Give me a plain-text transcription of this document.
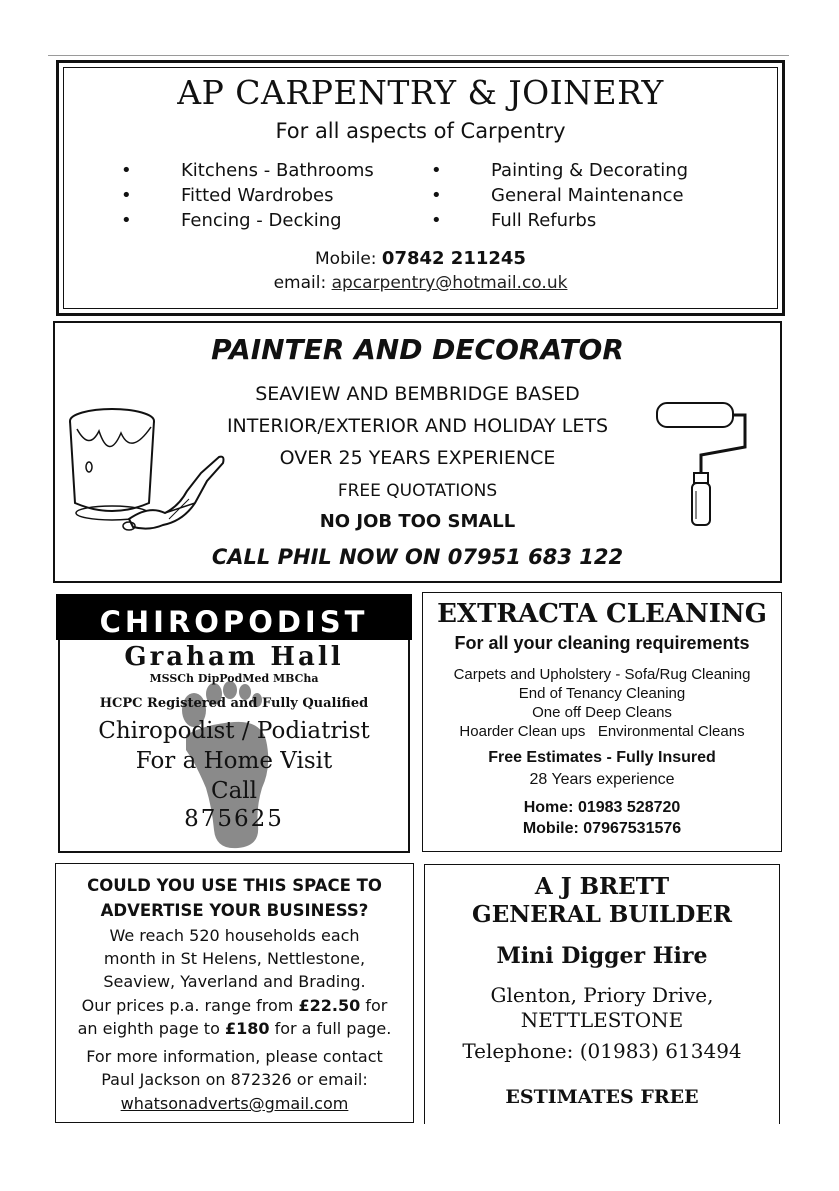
AP CARPENTRY & JOINERY
For all aspects of Carpentry
•	Kitchens - Bathrooms
•	Fitted Wardrobes
•	Fencing - Decking
•	Painting & Decorating
•	General Maintenance
•	Full Refurbs
Mobile: 07842 211245
email: apcarpentry@hotmail.co.uk
PAINTER AND DECORATOR
SEAVIEW AND BEMBRIDGE BASED
INTERIOR/EXTERIOR AND HOLIDAY LETS
OVER 25 YEARS EXPERIENCE
FREE QUOTATIONS
NO JOB TOO SMALL
CALL PHIL NOW ON 07951 683 122
CHIROPODIST
Graham Hall
MSSCh DipPodMed MBCha
HCPC Registered and Fully Qualified
Chiropodist / Podiatrist
For a Home Visit
Call
875625
EXTRACTA CLEANING
For all your cleaning requirements
Carpets and Upholstery - Sofa/Rug Cleaning
End of Tenancy Cleaning
One off Deep Cleans
Hoarder Clean ups   Environmental Cleans
Free Estimates - Fully Insured
28 Years experience
Home: 01983 528720
Mobile: 07967531576
COULD YOU USE THIS SPACE TO
ADVERTISE YOUR BUSINESS?
We reach 520 households each
month in St Helens, Nettlestone,
Seaview, Yaverland and Brading.
Our prices p.a. range from £22.50 for
an eighth page to £180 for a full page.
For more information, please contact
Paul Jackson on 872326 or email:
whatsonadverts@gmail.com
A J BRETT
GENERAL BUILDER
Mini Digger Hire
Glenton, Priory Drive,
NETTLESTONE
Telephone: (01983) 613494
ESTIMATES FREE
